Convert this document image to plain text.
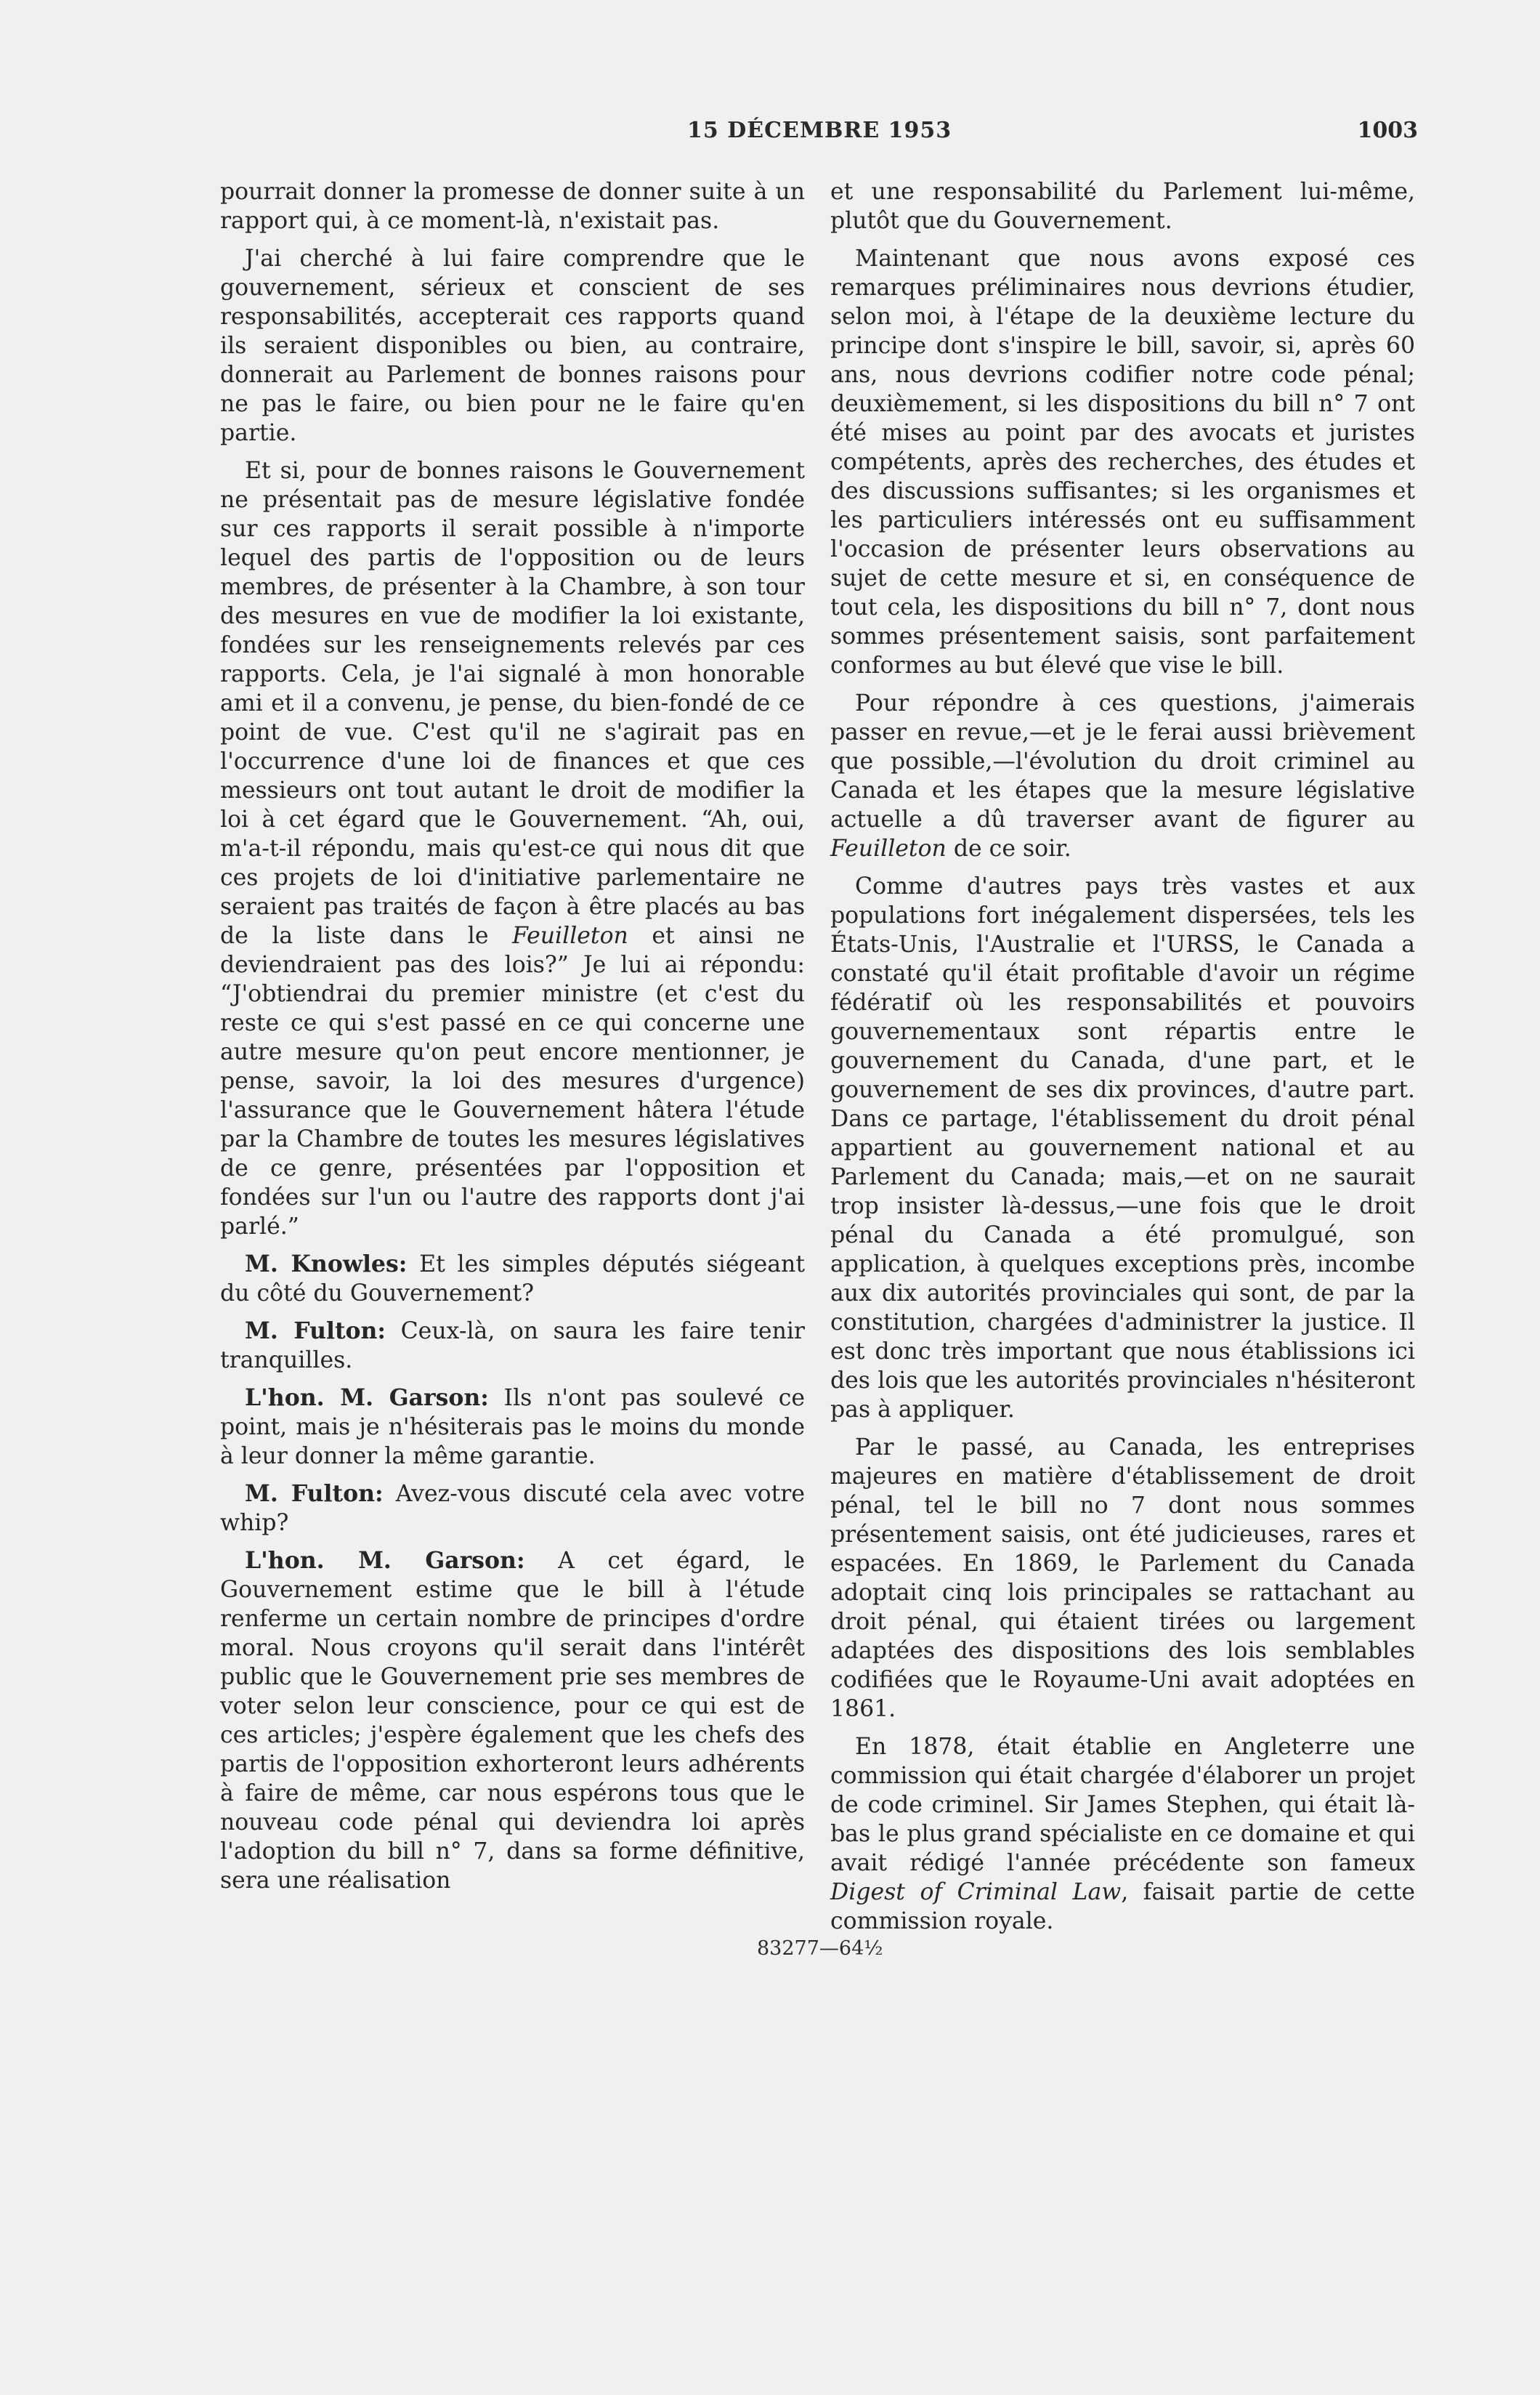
15 DÉCEMBRE 1953	1003

pourrait donner la promesse de donner suite à un rapport qui, à ce moment-là, n'existait pas.

J'ai cherché à lui faire comprendre que le gouvernement, sérieux et conscient de ses responsabilités, accepterait ces rapports quand ils seraient disponibles ou bien, au contraire, donnerait au Parlement de bonnes raisons pour ne pas le faire, ou bien pour ne le faire qu'en partie.

Et si, pour de bonnes raisons le Gouvernement ne présentait pas de mesure législative fondée sur ces rapports il serait possible à n'importe lequel des partis de l'opposition ou de leurs membres, de présenter à la Chambre, à son tour des mesures en vue de modifier la loi existante, fondées sur les renseignements relevés par ces rapports. Cela, je l'ai signalé à mon honorable ami et il a convenu, je pense, du bien-fondé de ce point de vue. C'est qu'il ne s'agirait pas en l'occurrence d'une loi de finances et que ces messieurs ont tout autant le droit de modifier la loi à cet égard que le Gouvernement. “Ah, oui, m'a-t-il répondu, mais qu'est-ce qui nous dit que ces projets de loi d'initiative parlementaire ne seraient pas traités de façon à être placés au bas de la liste dans le Feuilleton et ainsi ne deviendraient pas des lois?” Je lui ai répondu: “J'obtiendrai du premier ministre (et c'est du reste ce qui s'est passé en ce qui concerne une autre mesure qu'on peut encore mentionner, je pense, savoir, la loi des mesures d'urgence) l'assurance que le Gouvernement hâtera l'étude par la Chambre de toutes les mesures législatives de ce genre, présentées par l'opposition et fondées sur l'un ou l'autre des rapports dont j'ai parlé.”

M. Knowles: Et les simples députés siégeant du côté du Gouvernement?

M. Fulton: Ceux-là, on saura les faire tenir tranquilles.

L'hon. M. Garson: Ils n'ont pas soulevé ce point, mais je n'hésiterais pas le moins du monde à leur donner la même garantie.

M. Fulton: Avez-vous discuté cela avec votre whip?

L'hon. M. Garson: A cet égard, le Gouvernement estime que le bill à l'étude renferme un certain nombre de principes d'ordre moral. Nous croyons qu'il serait dans l'intérêt public que le Gouvernement prie ses membres de voter selon leur conscience, pour ce qui est de ces articles; j'espère également que les chefs des partis de l'opposition exhorteront leurs adhérents à faire de même, car nous espérons tous que le nouveau code pénal qui deviendra loi après l'adoption du bill n° 7, dans sa forme définitive, sera une réalisation

et une responsabilité du Parlement lui-même, plutôt que du Gouvernement.

Maintenant que nous avons exposé ces remarques préliminaires nous devrions étudier, selon moi, à l'étape de la deuxième lecture du principe dont s'inspire le bill, savoir, si, après 60 ans, nous devrions codifier notre code pénal; deuxièmement, si les dispositions du bill n° 7 ont été mises au point par des avocats et juristes compétents, après des recherches, des études et des discussions suffisantes; si les organismes et les particuliers intéressés ont eu suffisamment l'occasion de présenter leurs observations au sujet de cette mesure et si, en conséquence de tout cela, les dispositions du bill n° 7, dont nous sommes présentement saisis, sont parfaitement conformes au but élevé que vise le bill.

Pour répondre à ces questions, j'aimerais passer en revue,—et je le ferai aussi brièvement que possible,—l'évolution du droit criminel au Canada et les étapes que la mesure législative actuelle a dû traverser avant de figurer au Feuilleton de ce soir.

Comme d'autres pays très vastes et aux populations fort inégalement dispersées, tels les États-Unis, l'Australie et l'URSS, le Canada a constaté qu'il était profitable d'avoir un régime fédératif où les responsabilités et pouvoirs gouvernementaux sont répartis entre le gouvernement du Canada, d'une part, et le gouvernement de ses dix provinces, d'autre part. Dans ce partage, l'établissement du droit pénal appartient au gouvernement national et au Parlement du Canada; mais,—et on ne saurait trop insister là-dessus,—une fois que le droit pénal du Canada a été promulgué, son application, à quelques exceptions près, incombe aux dix autorités provinciales qui sont, de par la constitution, chargées d'administrer la justice. Il est donc très important que nous établissions ici des lois que les autorités provinciales n'hésiteront pas à appliquer.

Par le passé, au Canada, les entreprises majeures en matière d'établissement de droit pénal, tel le bill no 7 dont nous sommes présentement saisis, ont été judicieuses, rares et espacées. En 1869, le Parlement du Canada adoptait cinq lois principales se rattachant au droit pénal, qui étaient tirées ou largement adaptées des dispositions des lois semblables codifiées que le Royaume-Uni avait adoptées en 1861.

En 1878, était établie en Angleterre une commission qui était chargée d'élaborer un projet de code criminel. Sir James Stephen, qui était là-bas le plus grand spécialiste en ce domaine et qui avait rédigé l'année précédente son fameux Digest of Criminal Law, faisait partie de cette commission royale.

83277—64½
